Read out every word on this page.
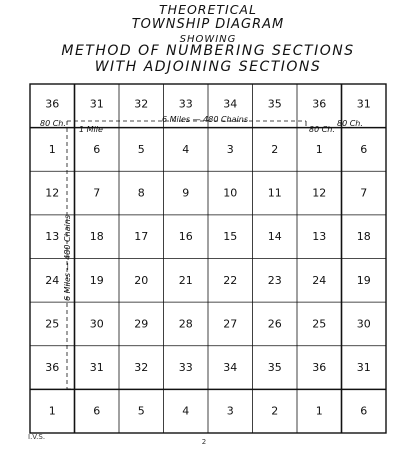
THEORETICAL
TOWNSHIP DIAGRAM
SHOWING
METHOD OF NUMBERING SECTIONS
WITH ADJOINING SECTIONS
36	31	32	33	34	35	36	31
1	6	5	4	3	2	1	6
12	7	8	9	10	11	12	7
13	18	17	16	15	14	13	18
24	19	20	21	22	23	24	19
25	30	29	28	27	26	25	30
36	31	32	33	34	35	36	31
1	6	5	4	3	2	1	6
80 Ch.	80 Ch.
6 Miles — 480 Chains
1 Mile	80 Ch.
6 Miles — 480 Chains
I.V.S.
2
